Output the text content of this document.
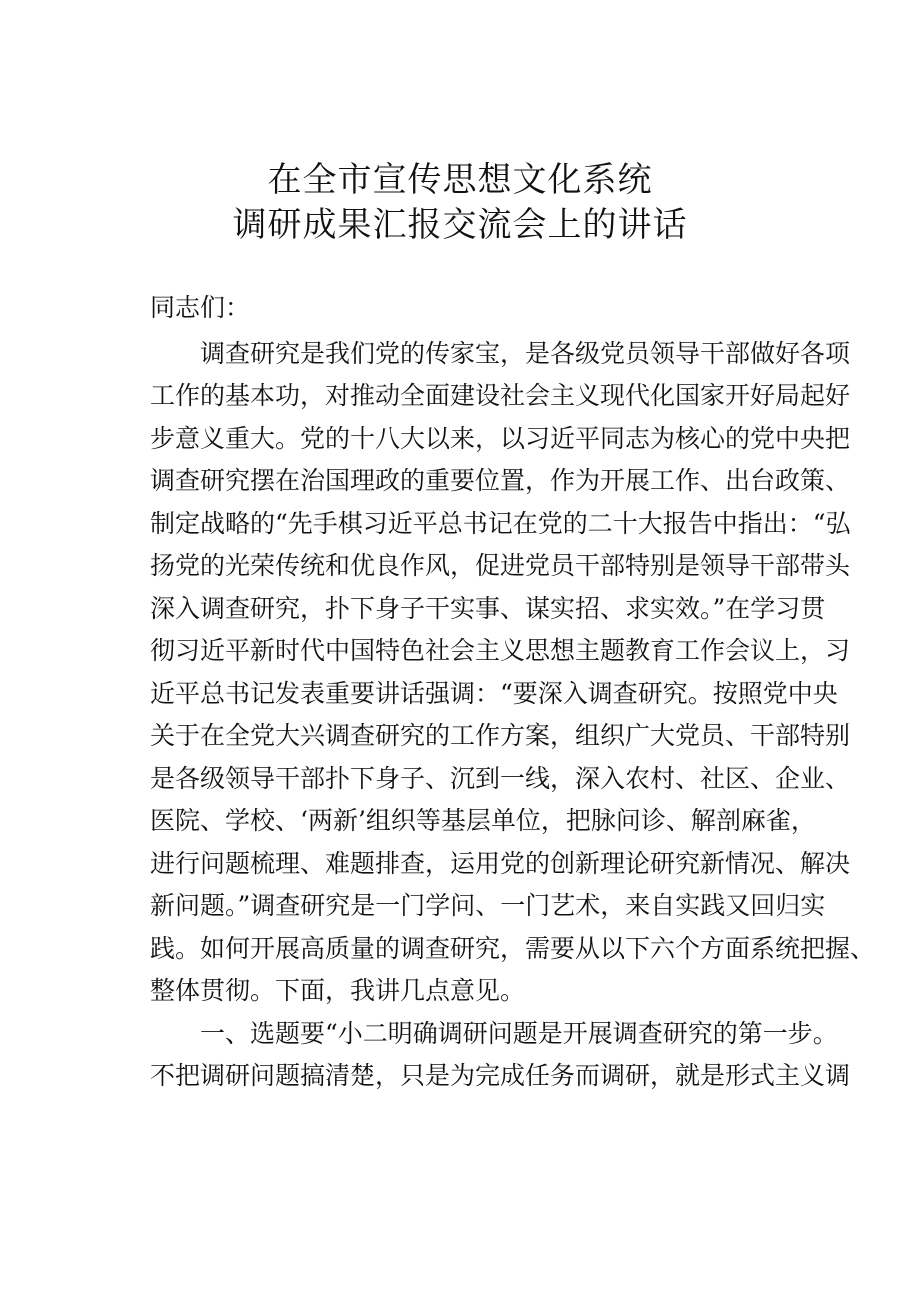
在全市宣传思想文化系统
调研成果汇报交流会上的讲话
同志们：
调查研究是我们党的传家宝，是各级党员领导干部做好各项
工作的基本功，对推动全面建设社会主义现代化国家开好局起好
步意义重大。党的十八大以来，以习近平同志为核心的党中央把
调查研究摆在治国理政的重要位置，作为开展工作、出台政策、
制定战略的“先手棋习近平总书记在党的二十大报告中指出：“弘
扬党的光荣传统和优良作风，促进党员干部特别是领导干部带头
深入调查研究，扑下身子干实事、谋实招、求实效。”在学习贯
彻习近平新时代中国特色社会主义思想主题教育工作会议上，习
近平总书记发表重要讲话强调：“要深入调查研究。按照党中央
关于在全党大兴调查研究的工作方案，组织广大党员、干部特别
是各级领导干部扑下身子、沉到一线，深入农村、社区、企业、
医院、学校、‘两新’组织等基层单位，把脉问诊、解剖麻雀，
进行问题梳理、难题排查，运用党的创新理论研究新情况、解决
新问题。”调查研究是一门学问、一门艺术，来自实践又回归实
践。如何开展高质量的调查研究，需要从以下六个方面系统把握、
整体贯彻。下面，我讲几点意见。
一、选题要“小二明确调研问题是开展调查研究的第一步。
不把调研问题搞清楚，只是为完成任务而调研，就是形式主义调
